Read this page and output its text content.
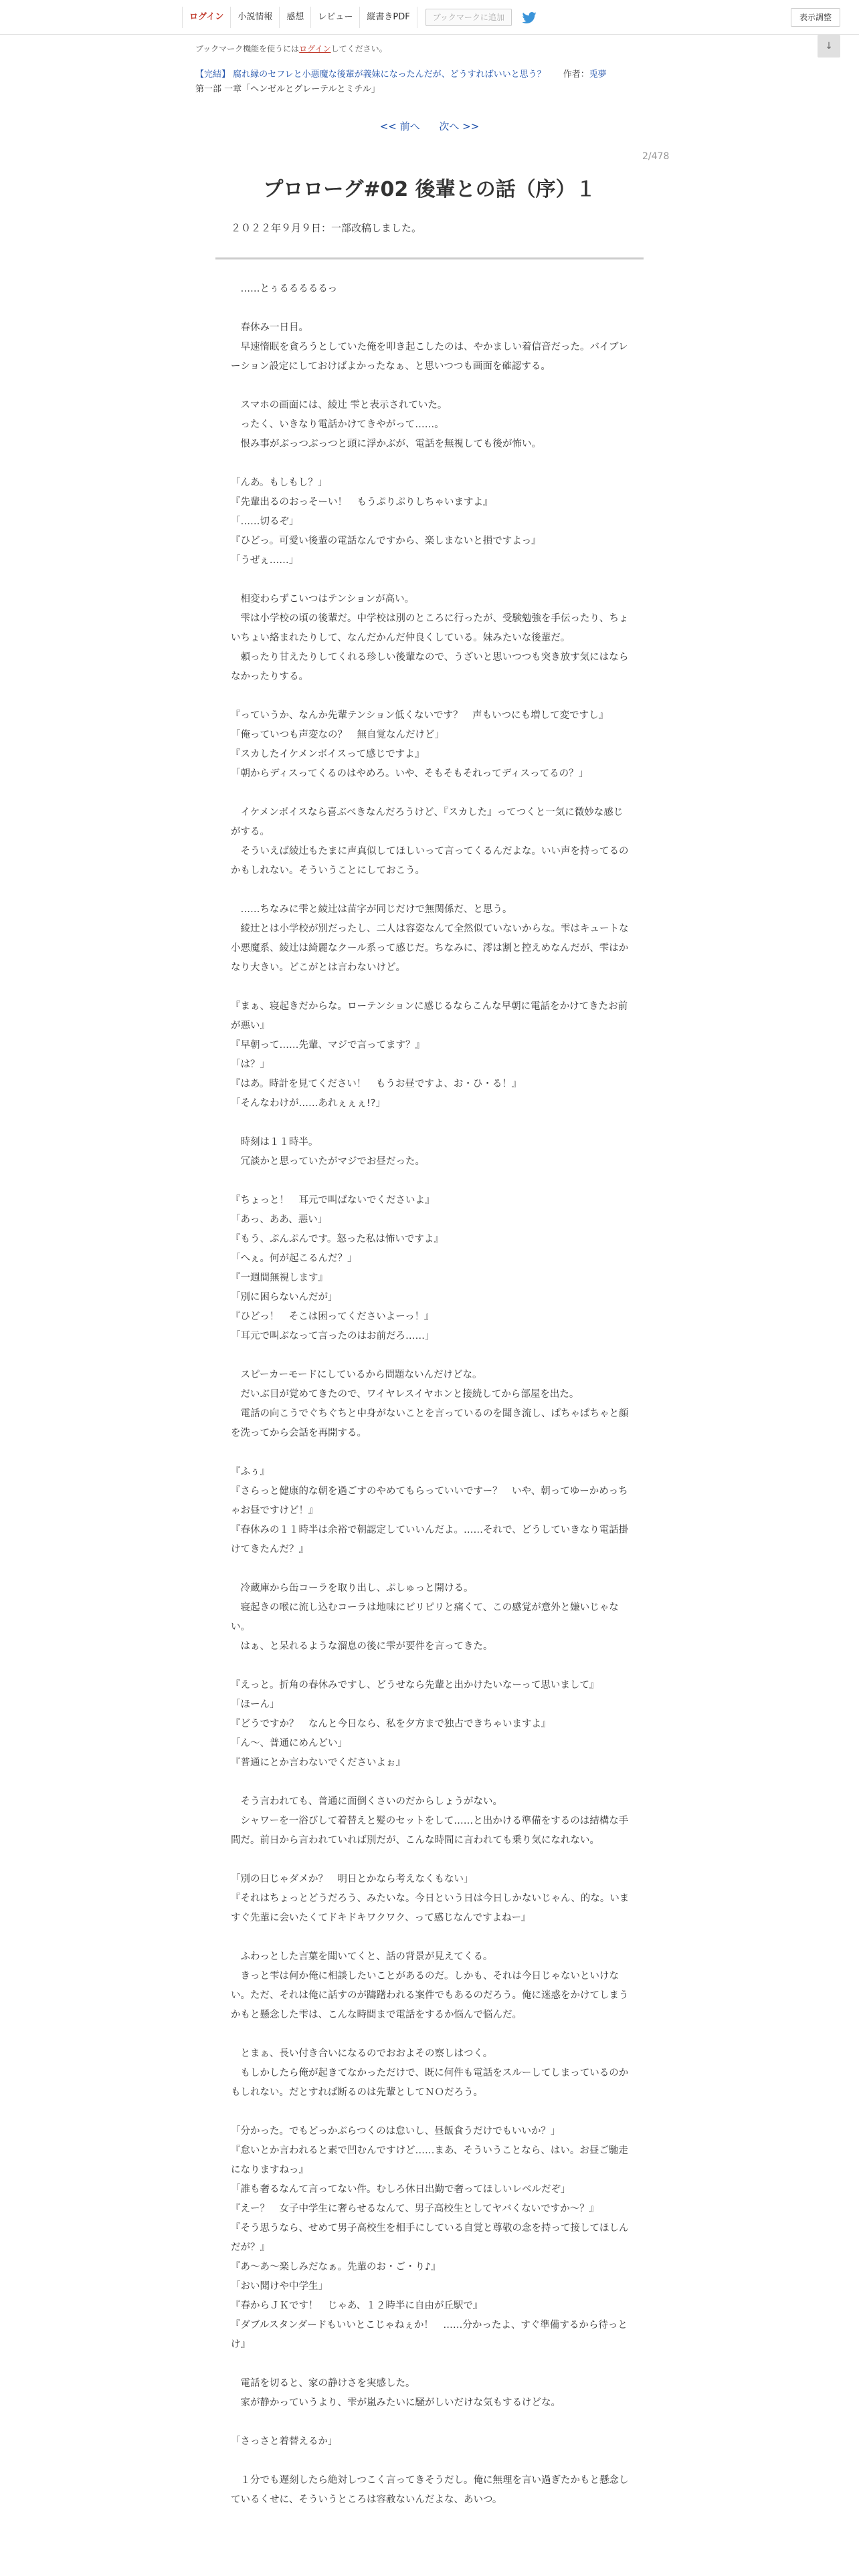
ログイン	小説情報	感想	レビュー	縦書きPDF	ブックマークに追加	表示調整
↓
ブックマーク機能を使うにはログインしてください。
【完結】 腐れ縁のセフレと小悪魔な後輩が義妹になったんだが、どうすればいいと思う？ 作者：兎夢
第一部 一章「ヘンゼルとグレーテルとミチル」
<< 前へ 次へ >>
2/478
プロローグ#02 後輩との話（序）１
２０２２年９月９日：一部改稿しました。

　……とぅるるるるるっ

　春休み一日目。

　早速惰眠を貪ろうとしていた俺を叩き起こしたのは、やかましい着信音だった。バイブレーション設定にしておけばよかったなぁ、と思いつつも画面を確認する。

　スマホの画面には、綾辻 雫と表示されていた。

　ったく、いきなり電話かけてきやがって……。

　恨み事がぶっつぶっつと頭に浮かぶが、電話を無視しても後が怖い。

「んあ。もしもし？」

『先輩出るのおっそーい！　もうぷりぷりしちゃいますよ』

「……切るぞ」

『ひどっ。可愛い後輩の電話なんですから、楽しまないと損ですよっ』

「うぜぇ……」

　相変わらずこいつはテンションが高い。

　雫は小学校の頃の後輩だ。中学校は別のところに行ったが、受験勉強を手伝ったり、ちょいちょい絡まれたりして、なんだかんだ仲良くしている。妹みたいな後輩だ。

　頼ったり甘えたりしてくれる珍しい後輩なので、うざいと思いつつも突き放す気にはならなかったりする。

『っていうか、なんか先輩テンション低くないです？　声もいつにも増して変ですし』

「俺っていつも声変なの？　無自覚なんだけど」

『スカしたイケメンボイスって感じですよ』

「朝からディスってくるのはやめろ。いや、そもそもそれってディスってるの？」

　イケメンボイスなら喜ぶべきなんだろうけど、『スカした』ってつくと一気に微妙な感じがする。

　そういえば綾辻もたまに声真似してほしいって言ってくるんだよな。いい声を持ってるのかもしれない。そういうことにしておこう。

　……ちなみに雫と綾辻は苗字が同じだけで無関係だ、と思う。

　綾辻とは小学校が別だったし、二人は容姿なんて全然似ていないからな。雫はキュートな小悪魔系、綾辻は綺麗なクール系って感じだ。ちなみに、澪は割と控えめなんだが、雫はかなり大きい。どこがとは言わないけど。

『まぁ、寝起きだからな。ローテンションに感じるならこんな早朝に電話をかけてきたお前が悪い』

『早朝って……先輩、マジで言ってます？』

「は？」

『はあ。時計を見てください！　もうお昼ですよ、お・ひ・る！』

「そんなわけが……あれぇぇぇ!?」

　時刻は１１時半。

　冗談かと思っていたがマジでお昼だった。

『ちょっと！　耳元で叫ばないでくださいよ』

「あっ、ああ、悪い」

『もう、ぷんぷんです。怒った私は怖いですよ』

「へぇ。何が起こるんだ？」

『一週間無視します』

「別に困らないんだが」

『ひどっ！　そこは困ってくださいよーっ！』

「耳元で叫ぶなって言ったのはお前だろ……」

　スピーカーモードにしているから問題ないんだけどな。

　だいぶ目が覚めてきたので、ワイヤレスイヤホンと接続してから部屋を出た。

　電話の向こうでぐちぐちと中身がないことを言っているのを聞き流し、ぱちゃぱちゃと顔を洗ってから会話を再開する。

『ふぅ』

『さらっと健康的な朝を過ごすのやめてもらっていいですー？　いや、朝ってゆーかめっちゃお昼ですけど！』

『春休みの１１時半は余裕で朝認定していいんだよ。……それで、どうしていきなり電話掛けてきたんだ？』

　冷蔵庫から缶コーラを取り出し、ぷしゅっと開ける。

　寝起きの喉に流し込むコーラは地味にピリピリと痛くて、この感覚が意外と嫌いじゃない。

　はぁ、と呆れるような溜息の後に雫が要件を言ってきた。

『えっと。折角の春休みですし、どうせなら先輩と出かけたいなーって思いまして』

「ほーん」

『どうですか？　なんと今日なら、私を夕方まで独占できちゃいますよ』

「ん～、普通にめんどい」

『普通にとか言わないでくださいよぉ』

　そう言われても、普通に面倒くさいのだからしょうがない。

　シャワーを一浴びして着替えと髪のセットをして……と出かける準備をするのは結構な手間だ。前日から言われていれば別だが、こんな時間に言われても乗り気になれない。

「別の日じゃダメか？　明日とかなら考えなくもない」

『それはちょっとどうだろう、みたいな。今日という日は今日しかないじゃん、的な。いますぐ先輩に会いたくてドキドキワクワク、って感じなんですよねー』

　ふわっとした言葉を聞いてくと、話の背景が見えてくる。

　きっと雫は何か俺に相談したいことがあるのだ。しかも、それは今日じゃないといけない。ただ、それは俺に話すのが躊躇われる案件でもあるのだろう。俺に迷惑をかけてしまうかもと懸念した雫は、こんな時間まで電話をするか悩んで悩んだ。

　とまぁ、長い付き合いになるのでおおよその察しはつく。

　もしかしたら俺が起きてなかっただけで、既に何件も電話をスルーしてしまっているのかもしれない。だとすれば断るのは先輩としてＮＯだろう。

「分かった。でもどっかぶらつくのは怠いし、昼飯食うだけでもいいか？」

『怠いとか言われると素で凹むんですけど……まあ、そういうことなら、はい。お昼ご馳走になりますねっ』

「誰も奢るなんて言ってない件。むしろ休日出勤で奢ってほしいレベルだぞ」

『えー？　女子中学生に奢らせるなんて、男子高校生としてヤバくないですか～？』

『そう思うなら、せめて男子高校生を相手にしている自覚と尊敬の念を持って接してほしんだが？』

『あ～あ～楽しみだなぁ。先輩のお・ご・り♪』

「おい聞けや中学生」

『春からＪＫです！　じゃあ、１２時半に自由が丘駅で』

『ダブルスタンダードもいいとこじゃねぇか！　……分かったよ、すぐ準備するから待っとけ』

　電話を切ると、家の静けさを実感した。

　家が静かっていうより、雫が嵐みたいに騒がしいだけな気もするけどな。

「さっさと着替えるか」

　１分でも遅刻したら絶対しつこく言ってきそうだし。俺に無理を言い過ぎたかもと懸念しているくせに、そういうところは容赦ないんだよな、あいつ。
